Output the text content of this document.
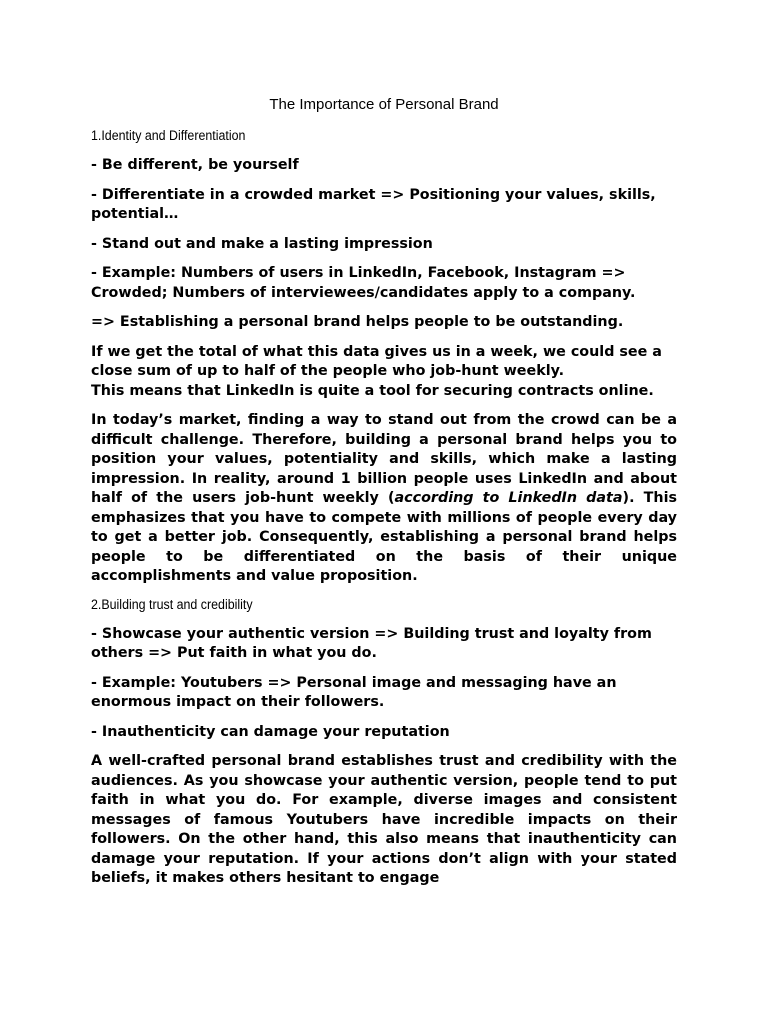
The Importance of Personal Brand
1.Identity and Differentiation
- Be different, be yourself
- Differentiate in a crowded market => Positioning your values, skills, potential…
- Stand out and make a lasting impression
- Example: Numbers of users in LinkedIn, Facebook, Instagram => Crowded; Numbers of interviewees/candidates apply to a company.
=> Establishing a personal brand helps people to be outstanding.
If we get the total of what this data gives us in a week, we could see a close sum of up to half of the people who job-hunt weekly.
This means that LinkedIn is quite a tool for securing contracts online.
In today’s market, finding a way to stand out from the crowd can be a difficult challenge. Therefore, building a personal brand helps you to position your values, potentiality and skills, which make a lasting impression. In reality, around 1 billion people uses LinkedIn and about half of the users job-hunt weekly (according to LinkedIn data). This emphasizes that you have to compete with millions of people every day to get a better job. Consequently, establishing a personal brand helps people to be differentiated on the basis of their unique accomplishments and value proposition.
2.Building trust and credibility
- Showcase your authentic version => Building trust and loyalty from others => Put faith in what you do.
- Example: Youtubers => Personal image and messaging have an enormous impact on their followers.
- Inauthenticity can damage your reputation
A well-crafted personal brand establishes trust and credibility with the audiences. As you showcase your authentic version, people tend to put faith in what you do. For example, diverse images and consistent messages of famous Youtubers have incredible impacts on their followers. On the other hand, this also means that inauthenticity can damage your reputation. If your actions don’t align with your stated beliefs, it makes others hesitant to engage
